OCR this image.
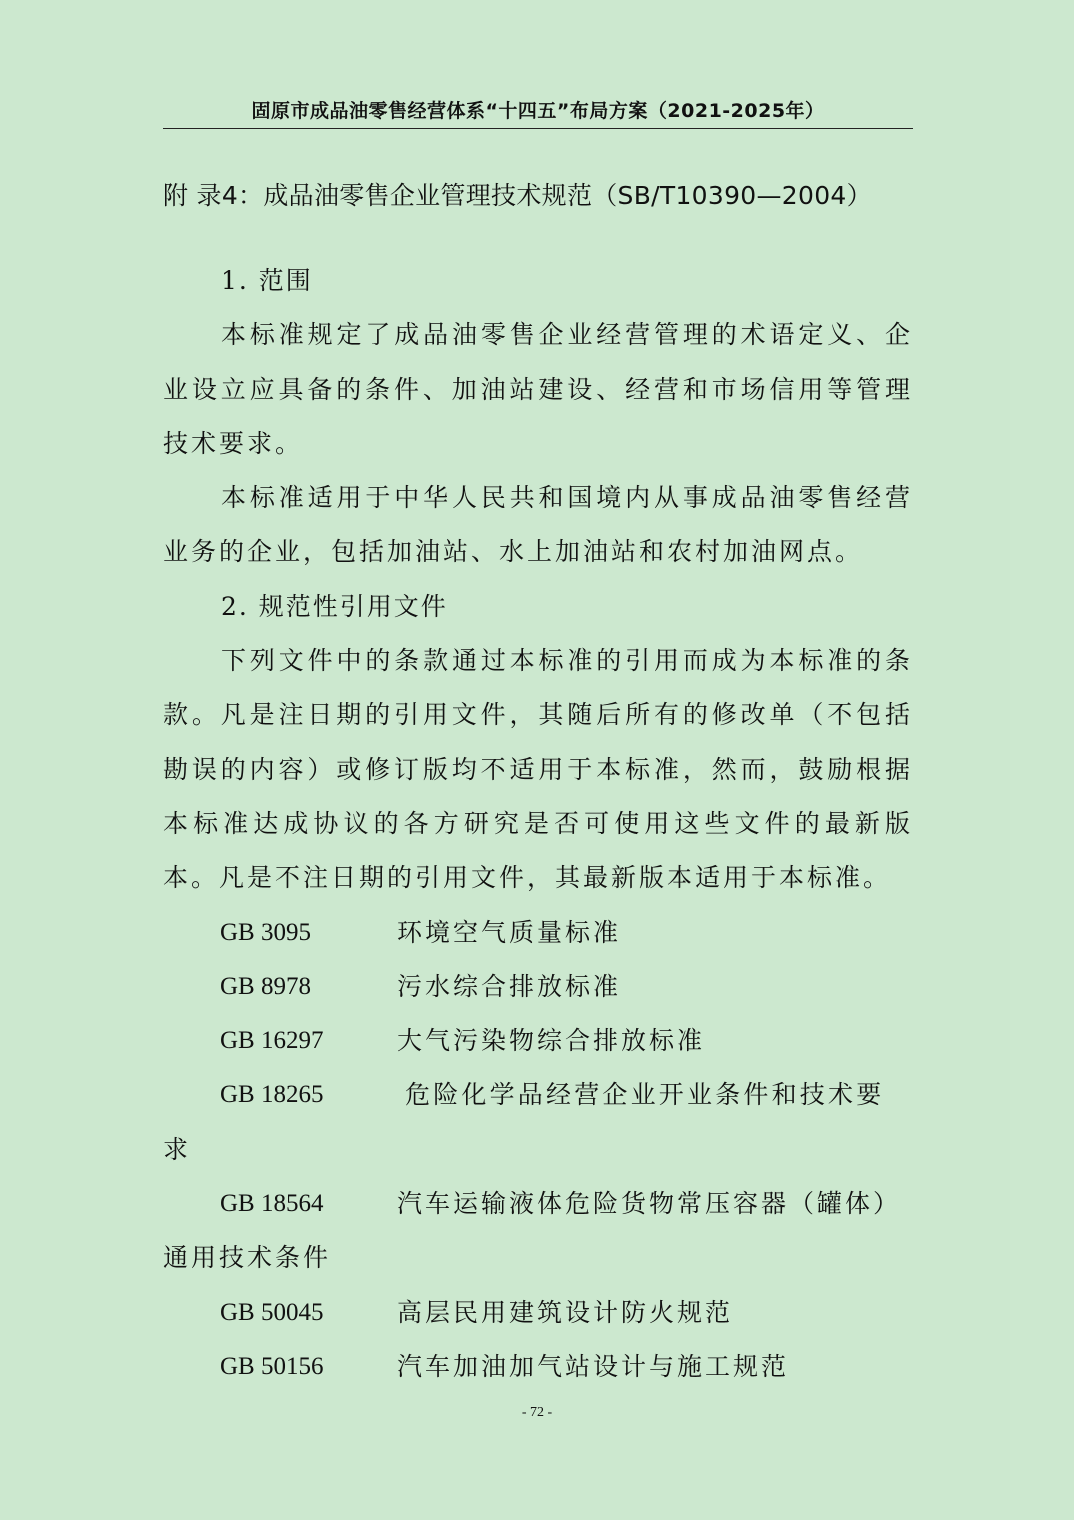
固原市成品油零售经营体系“十四五”布局方案（2021-2025年）
附 录4：成品油零售企业管理技术规范（SB/T10390—2004）

1. 范围

本标准规定了成品油零售企业经营管理的术语定义、企业设立应具备的条件、加油站建设、经营和市场信用等管理技术要求。

本标准适用于中华人民共和国境内从事成品油零售经营业务的企业，包括加油站、水上加油站和农村加油网点。

2. 规范性引用文件

下列文件中的条款通过本标准的引用而成为本标准的条款。凡是注日期的引用文件，其随后所有的修改单（不包括勘误的内容）或修订版均不适用于本标准，然而，鼓励根据本标准达成协议的各方研究是否可使用这些文件的最新版本。凡是不注日期的引用文件，其最新版本适用于本标准。

GB 3095	环境空气质量标准
GB 8978	污水综合排放标准
GB 16297	大气污染物综合排放标准
GB 18265	危险化学品经营企业开业条件和技术要
求
GB 18564	汽车运输液体危险货物常压容器（罐体）
通用技术条件
GB 50045	高层民用建筑设计防火规范
GB 50156	汽车加油加气站设计与施工规范
- 72 -
